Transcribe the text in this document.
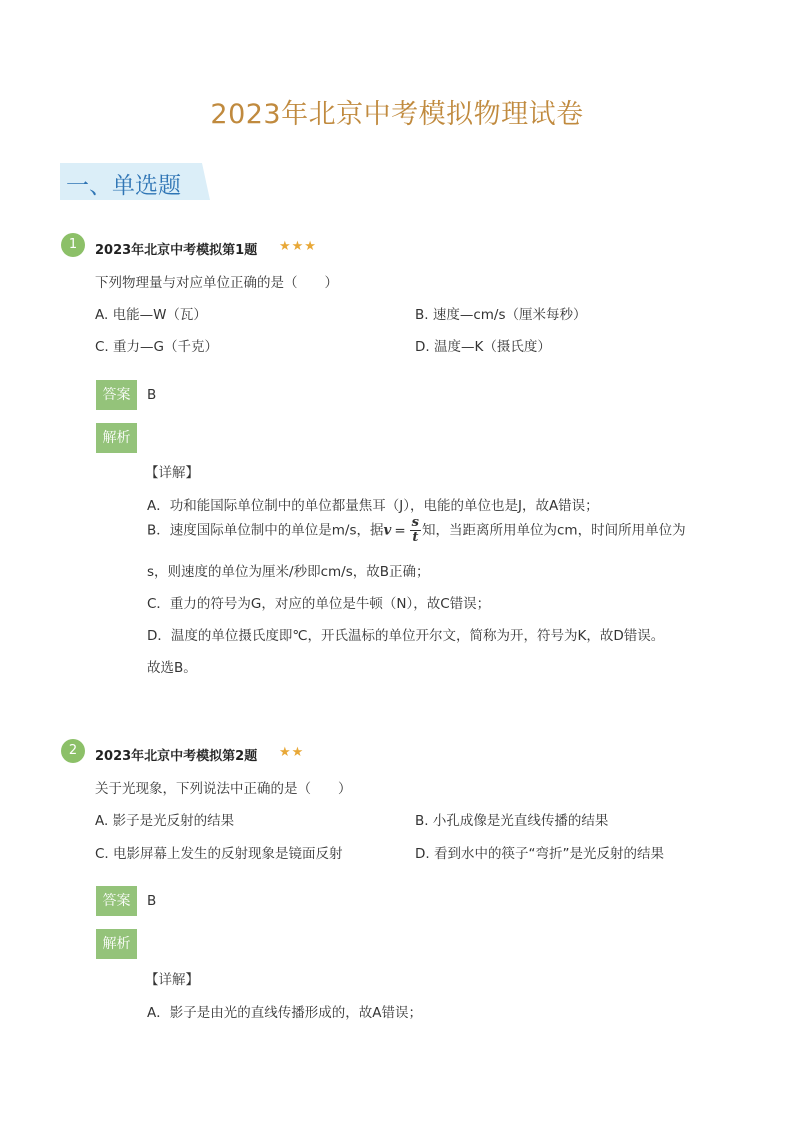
2023年北京中考模拟物理试卷
一、单选题
1	2023年北京中考模拟第1题 ★★★
下列物理量与对应单位正确的是（　　）
A. 电能—W（瓦）	B. 速度—cm/s（厘米每秒）
C. 重力—G（千克）	D. 温度—K（摄氏度）
答案	B
解析
【详解】
A．功和能国际单位制中的单位都量焦耳（J），电能的单位也是J，故A错误；
B．速度国际单位制中的单位是m/s，据$v = \frac{s}{t}$ 知，当距离所用单位为cm，时间所用单位为
s，则速度的单位为厘米/秒即cm/s，故B正确；
C．重力的符号为G，对应的单位是牛顿（N），故C错误；
D．温度的单位摄氏度即℃，开氏温标的单位开尔文，简称为开，符号为K，故D错误。
故选B。
2	2023年北京中考模拟第2题 ★★
关于光现象，下列说法中正确的是（　　）
A. 影子是光反射的结果	B. 小孔成像是光直线传播的结果
C. 电影屏幕上发生的反射现象是镜面反射	D. 看到水中的筷子“弯折”是光反射的结果
答案	B
解析
【详解】
A．影子是由光的直线传播形成的，故A错误；
